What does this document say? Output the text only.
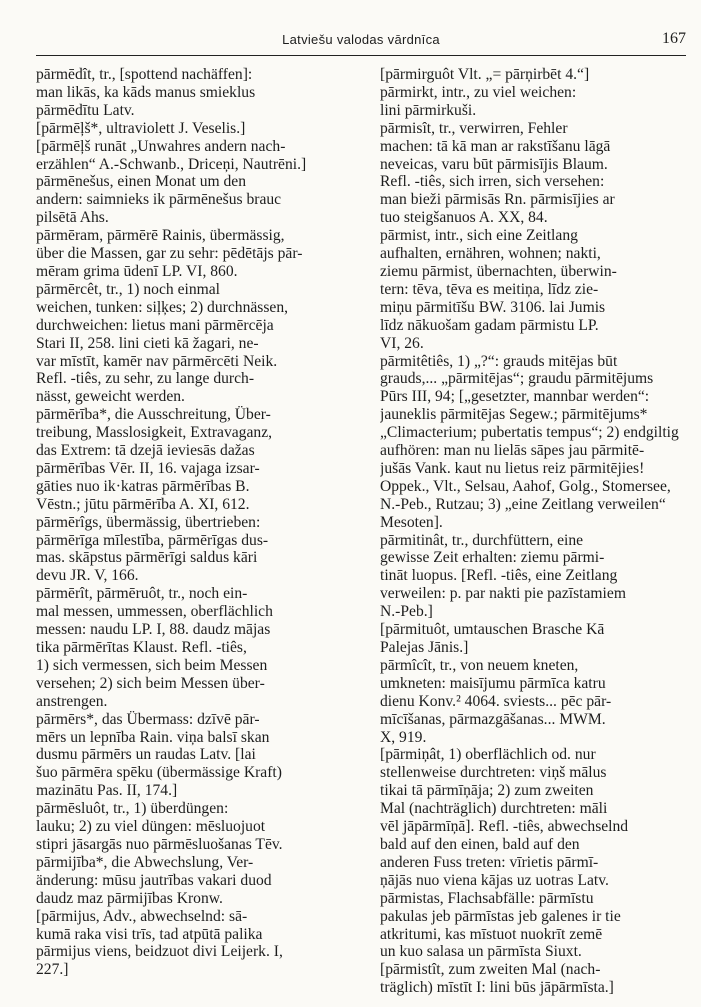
Latviešu valodas vārdnīca	167
pārmēdît, tr., [spottend nachäffen]:
man likās, ka kāds manus smieklus
pārmēdītu Latv.
[pārmēļš*, ultraviolett J. Veselis.]
[pārmēļš runāt „Unwahres andern nach-
erzählen“ A.-Schwanb., Driceņi, Nautrēni.]
pārmēnešus, einen Monat um den
andern: saimnieks ik pārmēnešus brauc
pilsētā Ahs.
pārmēram, pārmērē Rainis, übermässig,
über die Massen, gar zu sehr: pēdētājs pār-
mēram grima ūdenī LP. VI, 860.
pārmērcêt, tr., 1) noch einmal
weichen, tunken: siļķes; 2) durchnässen,
durchweichen: lietus mani pārmērcēja
Stari II, 258. lini cieti kā žagari, ne-
var mīstīt, kamēr nav pārmērcēti Neik.
Refl. -tiês, zu sehr, zu lange durch-
nässt, geweicht werden.
pārmērība*, die Ausschreitung, Über-
treibung, Masslosigkeit, Extravaganz,
das Extrem: tā dzejā ieviesās dažas
pārmērības Vēr. II, 16. vajaga izsar-
gāties nuo ik·katras pārmērības B.
Vēstn.; jūtu pārmērība A. XI, 612.
pārmērîgs, übermässig, übertrieben:
pārmērīga mīlestība, pārmērīgas dus-
mas. skāpstus pārmērīgi saldus kāri
devu JR. V, 166.
pārmērît, pārmēruôt, tr., noch ein-
mal messen, ummessen, oberflächlich
messen: naudu LP. I, 88. daudz mājas
tika pārmērītas Klaust. Refl. -tiês,
1) sich vermessen, sich beim Messen
versehen; 2) sich beim Messen über-
anstrengen.
pārmērs*, das Übermass: dzīvē pār-
mērs un lepnība Rain. viņa balsī skan
dusmu pārmērs un raudas Latv. [lai
šuo pārmēra spēku (übermässige Kraft)
mazinātu Pas. II, 174.]
pārmēsluôt, tr., 1) überdüngen:
lauku; 2) zu viel düngen: mēsluojuot
stipri jāsargās nuo pārmēsluošanas Tēv.
pārmijība*, die Abwechslung, Ver-
änderung: mūsu jautrības vakari duod
daudz maz pārmijības Kronw.
[pārmijus, Adv., abwechselnd: sā-
kumā raka visi trīs, tad atpūtā palika
pārmijus viens, beidzuot divi Leijerk. I,
227.]
[pārmirguôt Vlt. „= pārņirbēt 4.“]
pārmirkt, intr., zu viel weichen:
lini pārmirkuši.
pārmisît, tr., verwirren, Fehler
machen: tā kā man ar rakstīšanu lāgā
neveicas, varu būt pārmisījis Blaum.
Refl. -tiês, sich irren, sich versehen:
man bieži pārmisās Rn. pārmisījies ar
tuo steigšanuos A. XX, 84.
pārmist, intr., sich eine Zeitlang
aufhalten, ernähren, wohnen; nakti,
ziemu pārmist, übernachten, überwin-
tern: tēva, tēva es meitiņa, līdz zie-
miņu pārmitīšu BW. 3106. lai Jumis
līdz nākuošam gadam pārmistu LP.
VI, 26.
pārmitêtiês, 1) „?“: grauds mitējas būt
grauds,... „pārmitējas“; graudu pārmitējums
Pūrs III, 94; [„gesetzter, mannbar werden“:
jauneklis pārmitējas Segew.; pārmitējums*
„Climacterium; pubertatis tempus“; 2) endgiltig
aufhören: man nu lielās sāpes jau pārmitē-
jušās Vank. kaut nu lietus reiz pārmitējies!
Oppek., Vlt., Selsau, Aahof, Golg., Stomersee,
N.-Peb., Rutzau; 3) „eine Zeitlang verweilen“
Mesoten].
pārmitinât, tr., durchfüttern, eine
gewisse Zeit erhalten: ziemu pārmi-
tināt luopus. [Refl. -tiês, eine Zeitlang
verweilen: p. par nakti pie pazīstamiem
N.-Peb.]
[pārmituôt, umtauschen Brasche Kā
Palejas Jānis.]
pārmîcît, tr., von neuem kneten,
umkneten: maisījumu pārmīca katru
dienu Konv.² 4064. sviests... pēc pār-
mīcīšanas, pārmazgāšanas... MWM.
X, 919.
[pārmiņât, 1) oberflächlich od. nur
stellenweise durchtreten: viņš mālus
tikai tā pārmīņāja; 2) zum zweiten
Mal (nachträglich) durchtreten: māli
vēl jāpārmīņā]. Refl. -tiês, abwechselnd
bald auf den einen, bald auf den
anderen Fuss treten: vīrietis pārmī-
ņājās nuo viena kājas uz uotras Latv.
pārmistas, Flachsabfälle: pārmīstu
pakulas jeb pārmīstas jeb galenes ir tie
atkritumi, kas mīstuot nuokrīt zemē
un kuo salasa un pārmīsta Siuxt.
[pārmistît, zum zweiten Mal (nach-
träglich) mīstīt I: lini būs jāpārmīsta.]
